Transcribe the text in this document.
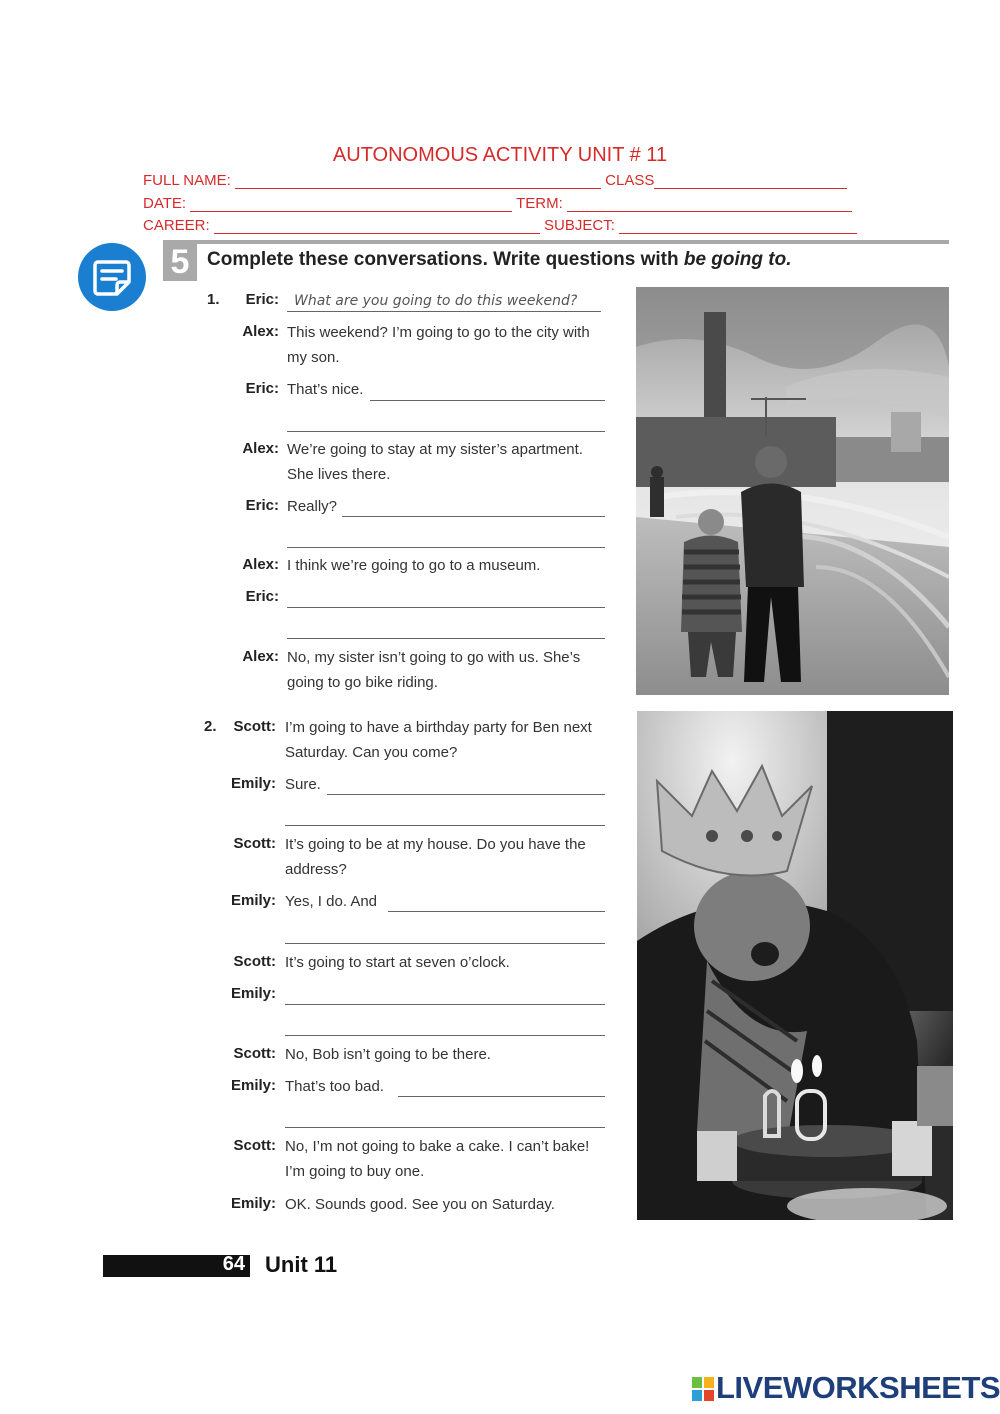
AUTONOMOUS ACTIVITY UNIT # 11
FULL NAME:	CLASS
DATE:	TERM:
CAREER:	SUBJECT:
5 Complete these conversations. Write questions with be going to.
1.	Eric: What are you going to do this weekend?
Alex: This weekend? I’m going to go to the city with
my son.
Eric: That’s nice.
Alex: We’re going to stay at my sister’s apartment.
She lives there.
Eric: Really?
Alex: I think we’re going to go to a museum.
Eric:
Alex: No, my sister isn’t going to go with us. She’s
going to go bike riding.
2.	Scott: I’m going to have a birthday party for Ben next
Saturday. Can you come?
Emily: Sure.
Scott: It’s going to be at my house. Do you have the
address?
Emily: Yes, I do. And
Scott: It’s going to start at seven o’clock.
Emily:
Scott: No, Bob isn’t going to be there.
Emily: That’s too bad.
Scott: No, I’m not going to bake a cake. I can’t bake!
I’m going to buy one.
Emily: OK. Sounds good. See you on Saturday.
64 Unit 11
LIVEWORKSHEETS
